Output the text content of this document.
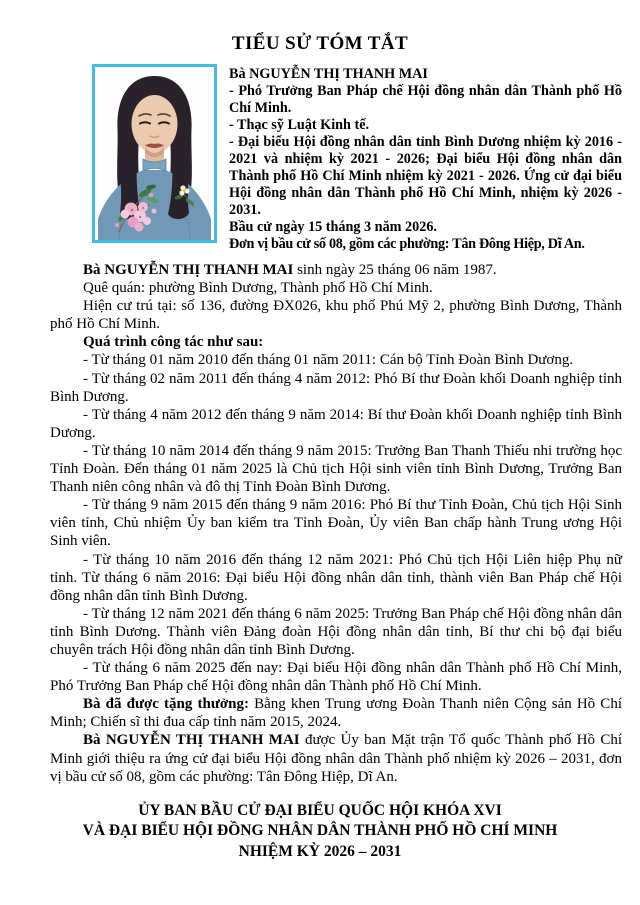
TIỂU SỬ TÓM TẮT

Bà NGUYỄN THỊ THANH MAI

- Phó Trưởng Ban Pháp chế Hội đồng nhân dân Thành phố Hồ Chí Minh.

- Thạc sỹ Luật Kinh tế.

- Đại biểu Hội đồng nhân dân tỉnh Bình Dương nhiệm kỳ 2016 - 2021 và nhiệm kỳ 2021 - 2026; Đại biểu Hội đồng nhân dân Thành phố Hồ Chí Minh nhiệm kỳ 2021 - 2026. Ứng cử đại biểu Hội đồng nhân dân Thành phố Hồ Chí Minh, nhiệm kỳ 2026 - 2031.

Bầu cử ngày 15 tháng 3 năm 2026.

Đơn vị bầu cử số 08, gồm các phường: Tân Đông Hiệp, Dĩ An.

Bà NGUYỄN THỊ THANH MAI sinh ngày 25 tháng 06 năm 1987.

Quê quán: phường Bình Dương, Thành phố Hồ Chí Minh.

Hiện cư trú tại: số 136, đường ĐX026, khu phố Phú Mỹ 2, phường Bình Dương, Thành phố Hồ Chí Minh.

Quá trình công tác như sau:

- Từ tháng 01 năm 2010 đến tháng 01 năm 2011: Cán bộ Tỉnh Đoàn Bình Dương.

- Từ tháng 02 năm 2011 đến tháng 4 năm 2012: Phó Bí thư Đoàn khối Doanh nghiệp tỉnh Bình Dương.

- Từ tháng 4 năm 2012 đến tháng 9 năm 2014: Bí thư Đoàn khối Doanh nghiệp tỉnh Bình Dương.

- Từ tháng 10 năm 2014 đến tháng 9 năm 2015: Trưởng Ban Thanh Thiếu nhi trường học Tỉnh Đoàn. Đến tháng 01 năm 2025 là Chủ tịch Hội sinh viên tỉnh Bình Dương, Trưởng Ban Thanh niên công nhân và đô thị Tỉnh Đoàn Bình Dương.

- Từ tháng 9 năm 2015 đến tháng 9 năm 2016: Phó Bí thư Tỉnh Đoàn, Chủ tịch Hội Sinh viên tỉnh, Chủ nhiệm Ủy ban kiểm tra Tỉnh Đoàn, Ủy viên Ban chấp hành Trung ương Hội Sinh viên.

- Từ tháng 10 năm 2016 đến tháng 12 năm 2021: Phó Chủ tịch Hội Liên hiệp Phụ nữ tỉnh. Từ tháng 6 năm 2016: Đại biểu Hội đồng nhân dân tỉnh, thành viên Ban Pháp chế Hội đồng nhân dân tỉnh Bình Dương.

- Từ tháng 12 năm 2021 đến tháng 6 năm 2025: Trưởng Ban Pháp chế Hội đồng nhân dân tỉnh Bình Dương. Thành viên Đảng đoàn Hội đồng nhân dân tỉnh, Bí thư chi bộ đại biểu chuyên trách Hội đồng nhân dân tỉnh Bình Dương.

- Từ tháng 6 năm 2025 đến nay: Đại biểu Hội đồng nhân dân Thành phố Hồ Chí Minh, Phó Trưởng Ban Pháp chế Hội đồng nhân dân Thành phố Hồ Chí Minh.

Bà đã được tặng thưởng: Bằng khen Trung ương Đoàn Thanh niên Cộng sản Hồ Chí Minh; Chiến sĩ thi đua cấp tỉnh năm 2015, 2024.

Bà NGUYỄN THỊ THANH MAI được Ủy ban Mặt trận Tổ quốc Thành phố Hồ Chí Minh giới thiệu ra ứng cử đại biểu Hội đồng nhân dân Thành phố nhiệm kỳ 2026 – 2031, đơn vị bầu cử số 08, gồm các phường: Tân Đông Hiệp, Dĩ An.

ỦY BAN BẦU CỬ ĐẠI BIỂU QUỐC HỘI KHÓA XVI
VÀ ĐẠI BIỂU HỘI ĐỒNG NHÂN DÂN THÀNH PHỐ HỒ CHÍ MINH
NHIỆM KỲ 2026 – 2031
